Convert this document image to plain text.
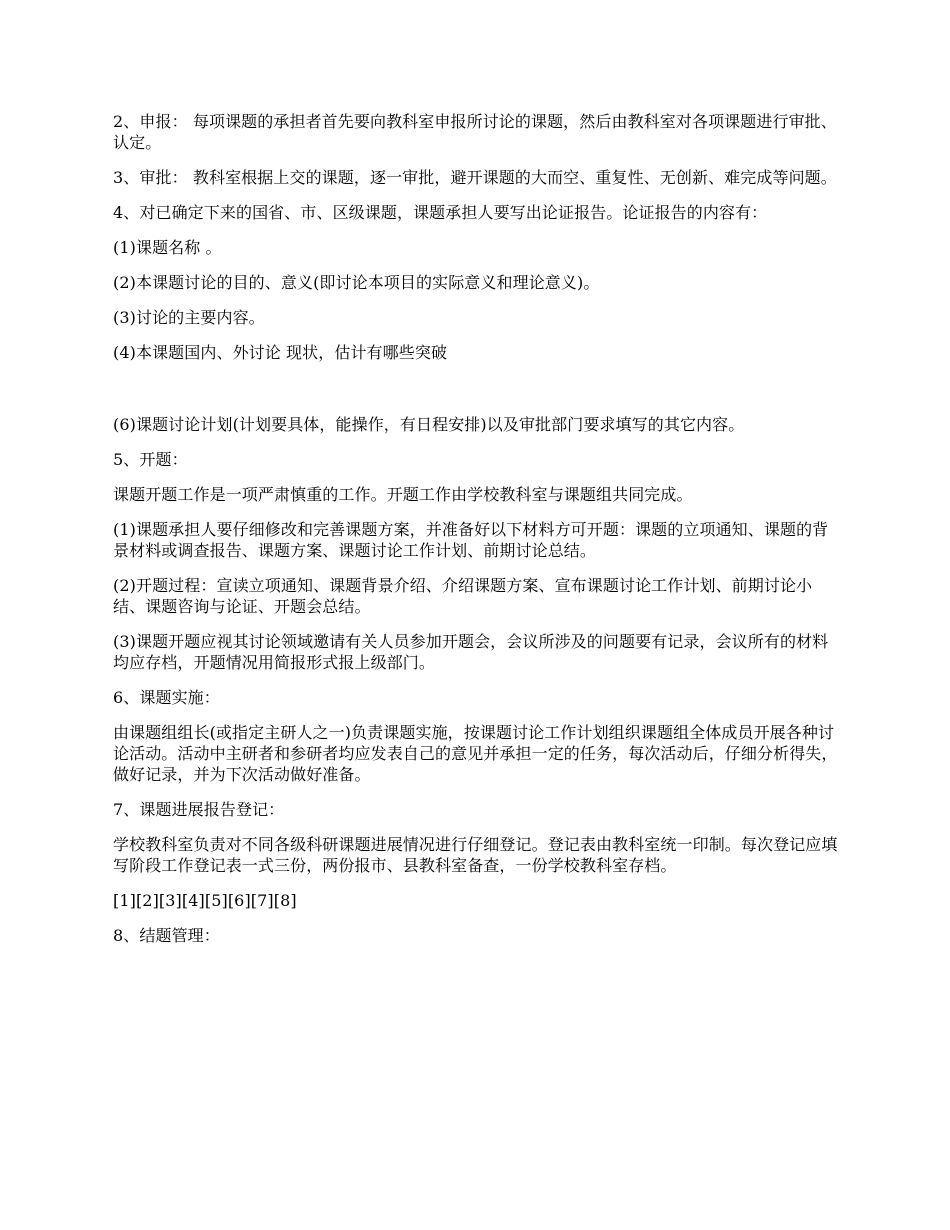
2、申报： 每项课题的承担者首先要向教科室申报所讨论的课题，然后由教科室对各项课题进行审批、认定。

3、审批： 教科室根据上交的课题，逐一审批，避开课题的大而空、重复性、无创新、难完成等问题。

4、对已确定下来的国省、市、区级课题，课题承担人要写出论证报告。论证报告的内容有：

(1)课题名称 。

(2)本课题讨论的目的、意义(即讨论本项目的实际意义和理论意义)。

(3)讨论的主要内容。

(4)本课题国内、外讨论 现状，估计有哪些突破

(6)课题讨论计划(计划要具体，能操作，有日程安排)以及审批部门要求填写的其它内容。

5、开题：

课题开题工作是一项严肃慎重的工作。开题工作由学校教科室与课题组共同完成。

(1)课题承担人要仔细修改和完善课题方案，并准备好以下材料方可开题：课题的立项通知、课题的背景材料或调查报告、课题方案、课题讨论工作计划、前期讨论总结。

(2)开题过程：宣读立项通知、课题背景介绍、介绍课题方案、宣布课题讨论工作计划、前期讨论小结、课题咨询与论证、开题会总结。

(3)课题开题应视其讨论领域邀请有关人员参加开题会，会议所涉及的问题要有记录，会议所有的材料均应存档，开题情况用简报形式报上级部门。

6、课题实施：

由课题组组长(或指定主研人之一)负责课题实施，按课题讨论工作计划组织课题组全体成员开展各种讨论活动。活动中主研者和参研者均应发表自己的意见并承担一定的任务，每次活动后，仔细分析得失，做好记录，并为下次活动做好准备。

7、课题进展报告登记：

学校教科室负责对不同各级科研课题进展情况进行仔细登记。登记表由教科室统一印制。每次登记应填写阶段工作登记表一式三份，两份报市、县教科室备查，一份学校教科室存档。

[1][2][3][4][5][6][7][8]

8、结题管理：
